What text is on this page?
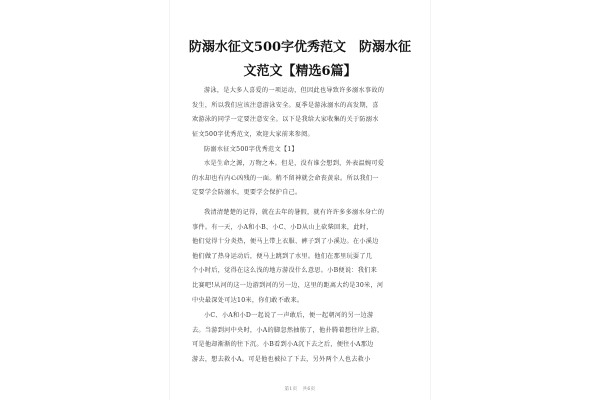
防溺水征文500字优秀范文　防溺水征
文范文【精选6篇】
游泳，是大多人喜爱的一项运动，但因此也导致许多溺水事故的
发生，所以我们应该注意游泳安全。夏季是游泳溺水的高发期，喜
欢游泳的同学一定要注意安全。以下是我给大家收集的关于防溺水
征文500字优秀范文，欢迎大家前来参阅。
防溺水征文500字优秀范文【1】
水是生命之源，万物之本。但是，没有谁会想到，外表温婉可爱
的水却也有内心凶残的一面。稍不留神就会命丧黄泉。所以我们一
定要学会防溺水，更要学会保护自己。
我清清楚楚的记得，就在去年的暑假，就有许许多多溺水身亡的
事件。有一天，小A和小B、小C、小D从山上砍柴回来，此时，
他们觉得十分炎热，便马上带上衣服、裤子到了小溪边。在小溪边
他们做了热身运动后，便马上跳到了水里。他们在那里玩耍了几
个小时后，觉得在这么浅的地方游没什么意思。小B便说：我们来
比赛吧!从河的这一边游到河的另一边，这里的距离大约是30米，河
中央最深处可达10米，你们敢不敢来。
小C、小A和小D一起说了一声敢后，便一起朝河的另一边游
去。当游到河中央时，小A的脚忽然抽筋了，他扑腾着想往岸上游，
可是他却渐渐的往下沉。小B看到小A沉下去之后，便往小A那边
游去，想去救小A。可是他也被拉了下去，另外两个人也去救小
第1页　共6页
